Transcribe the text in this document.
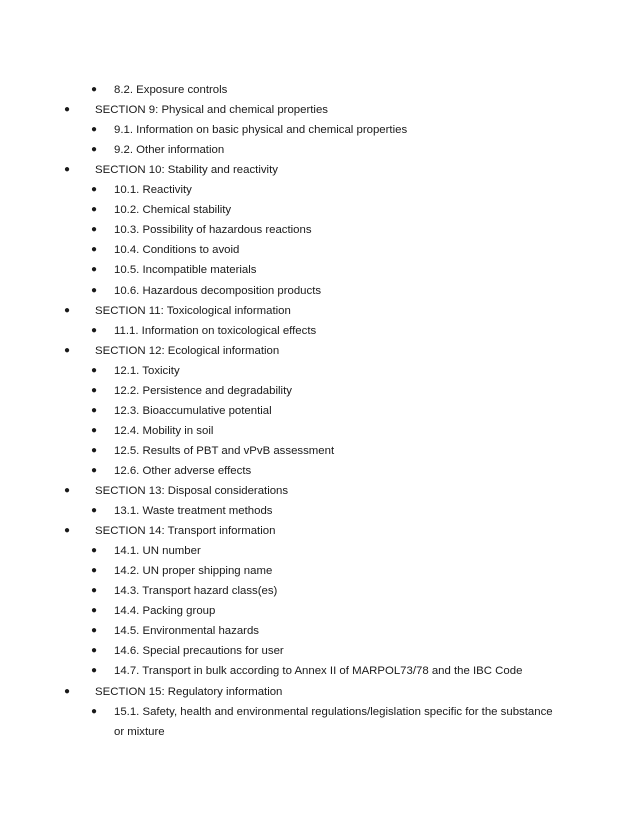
● 8.2. Exposure controls
● SECTION 9: Physical and chemical properties
● 9.1. Information on basic physical and chemical properties
● 9.2. Other information
● SECTION 10: Stability and reactivity
● 10.1. Reactivity
● 10.2. Chemical stability
● 10.3. Possibility of hazardous reactions
● 10.4. Conditions to avoid
● 10.5. Incompatible materials
● 10.6. Hazardous decomposition products
● SECTION 11: Toxicological information
● 11.1. Information on toxicological effects
● SECTION 12: Ecological information
● 12.1. Toxicity
● 12.2. Persistence and degradability
● 12.3. Bioaccumulative potential
● 12.4. Mobility in soil
● 12.5. Results of PBT and vPvB assessment
● 12.6. Other adverse effects
● SECTION 13: Disposal considerations
● 13.1. Waste treatment methods
● SECTION 14: Transport information
● 14.1. UN number
● 14.2. UN proper shipping name
● 14.3. Transport hazard class(es)
● 14.4. Packing group
● 14.5. Environmental hazards
● 14.6. Special precautions for user
● 14.7. Transport in bulk according to Annex II of MARPOL73/78 and the IBC Code
● SECTION 15: Regulatory information
● 15.1. Safety, health and environmental regulations/legislation specific for the substance or mixture
